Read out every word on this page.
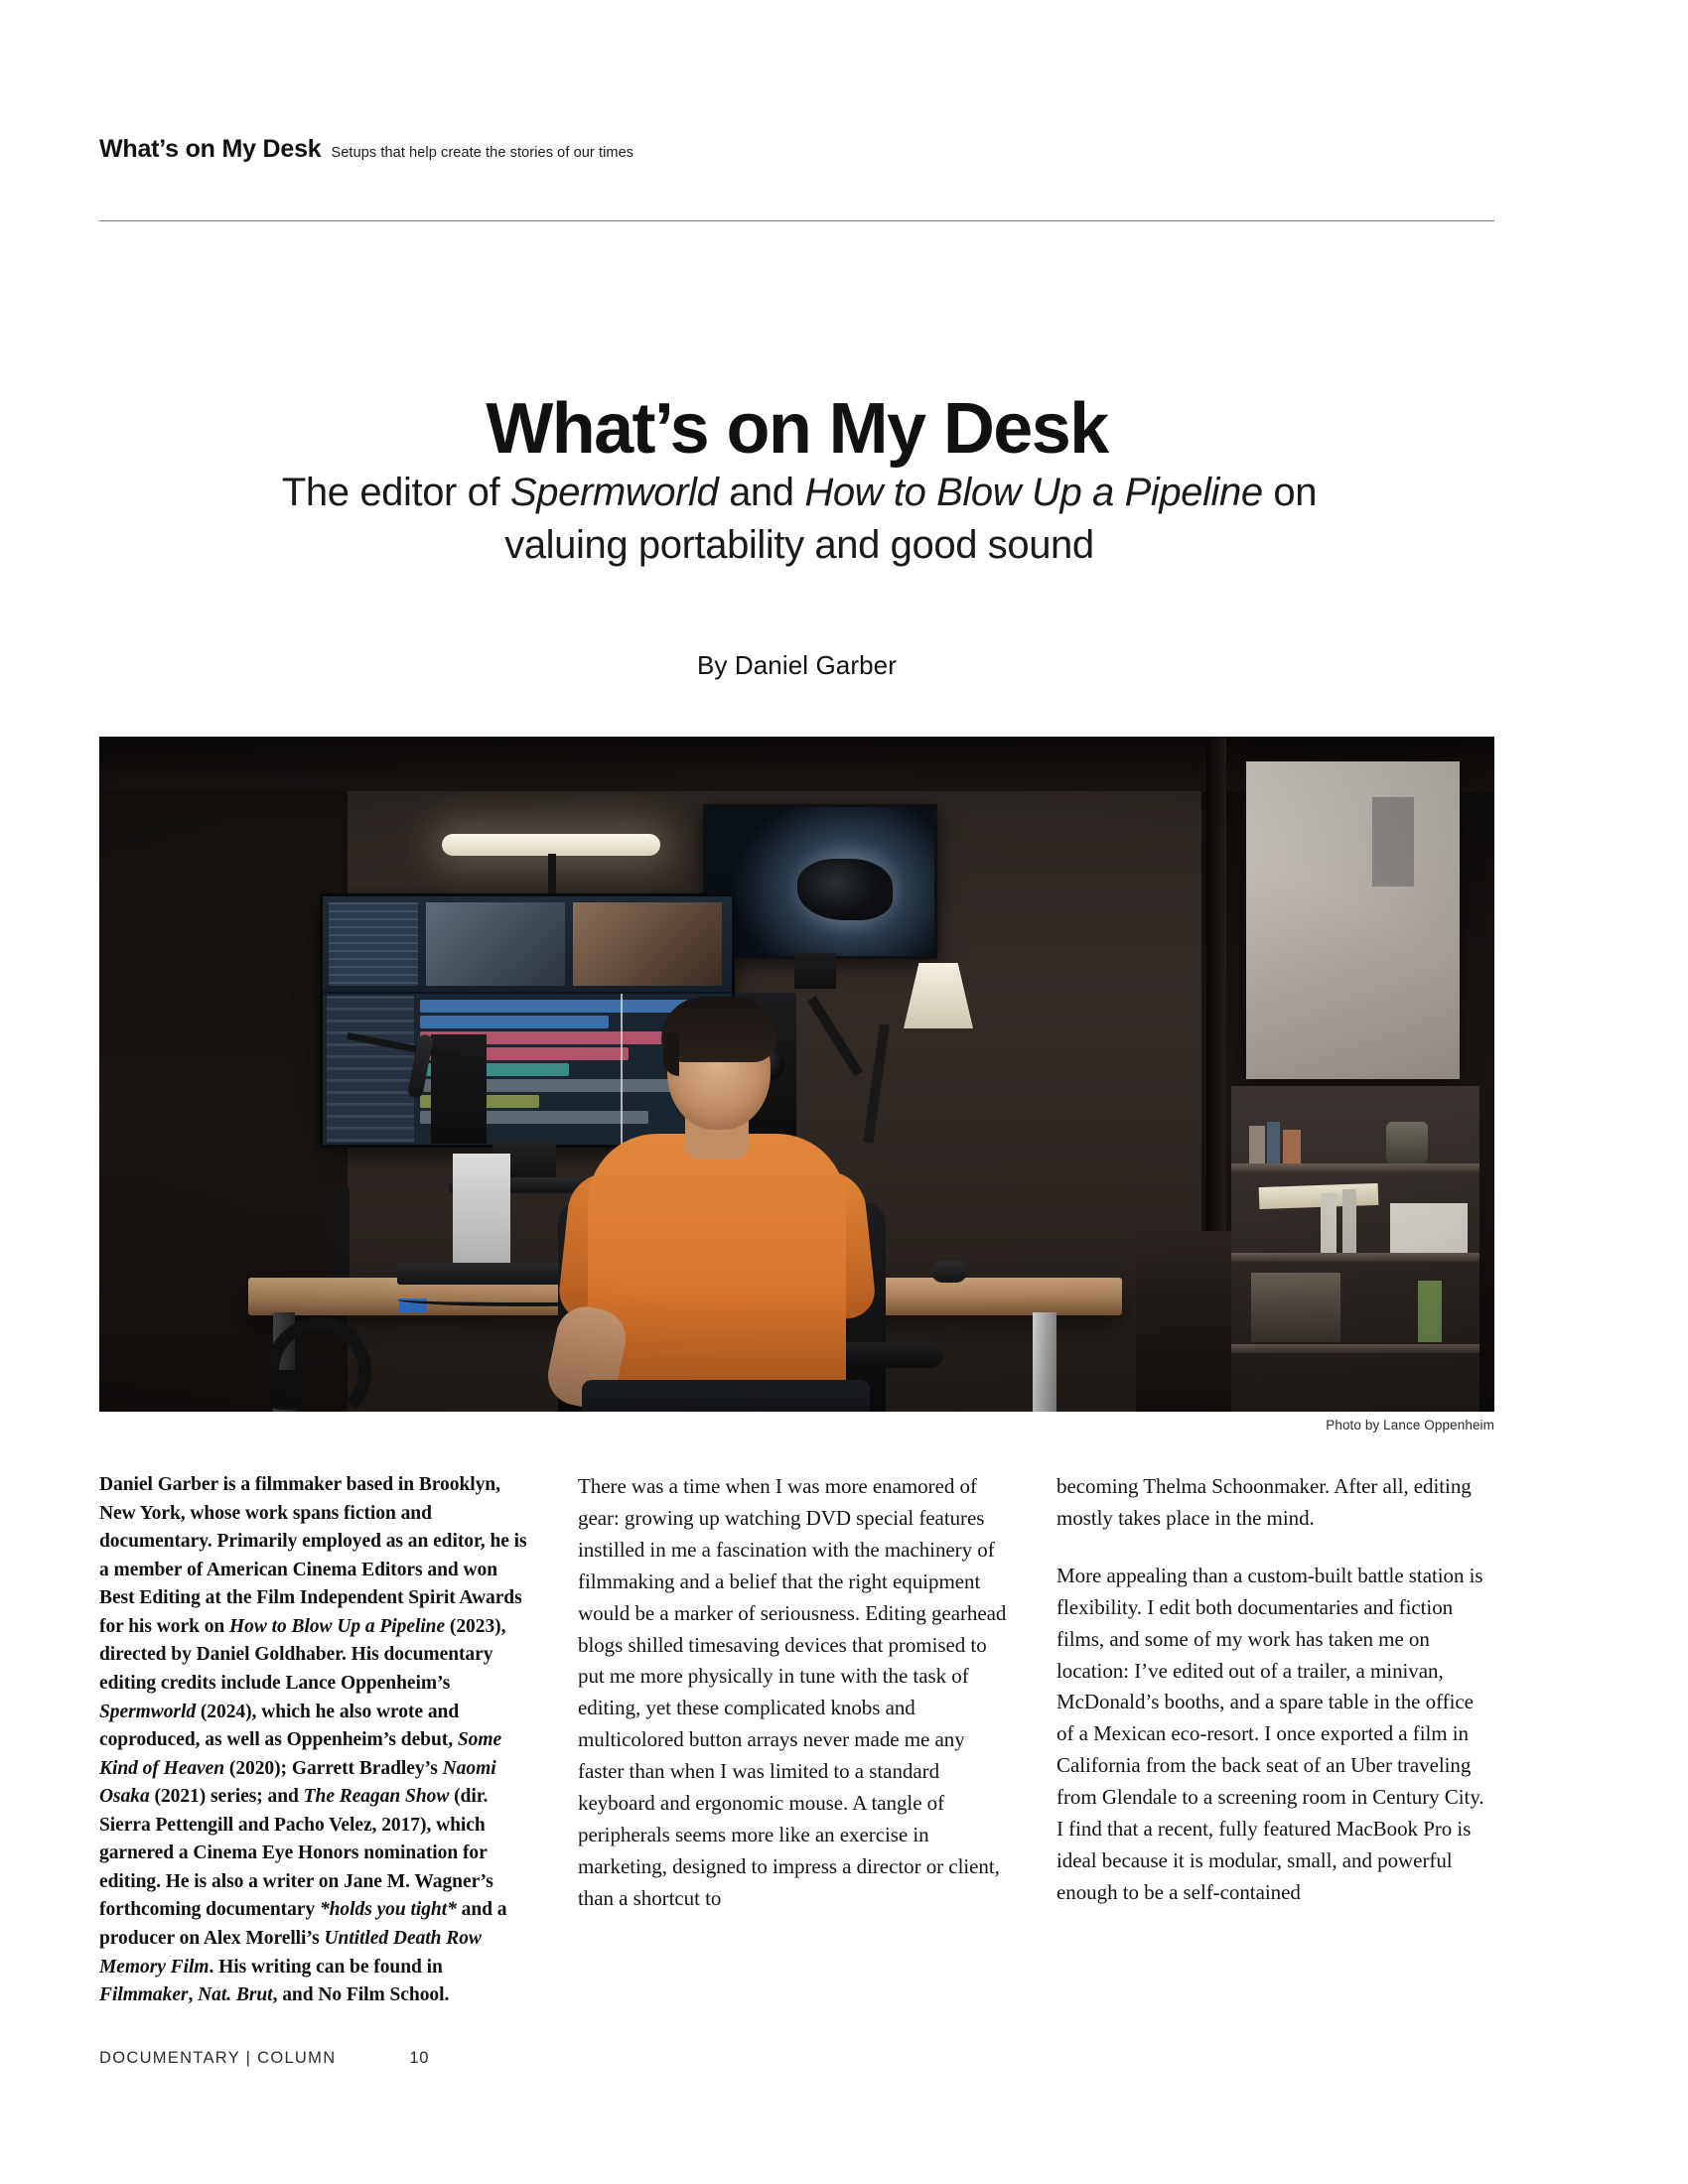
What’s on My Desk Setups that help create the stories of our times
What’s on My Desk
The editor of Spermworld and How to Blow Up a Pipeline on valuing portability and good sound
By Daniel Garber
Photo by Lance Oppenheim

Daniel Garber is a filmmaker based in Brooklyn, New York, whose work spans fiction and documentary. Primarily employed as an editor, he is a member of American Cinema Editors and won Best Editing at the Film Independent Spirit Awards for his work on How to Blow Up a Pipeline (2023), directed by Daniel Goldhaber. His documentary editing credits include Lance Oppenheim’s Spermworld (2024), which he also wrote and coproduced, as well as Oppenheim’s debut, Some Kind of Heaven (2020); Garrett Bradley’s Naomi Osaka (2021) series; and The Reagan Show (dir. Sierra Pettengill and Pacho Velez, 2017), which garnered a Cinema Eye Honors nomination for editing. He is also a writer on Jane M. Wagner’s forthcoming documentary *holds you tight* and a producer on Alex Morelli’s Untitled Death Row Memory Film. His writing can be found in Filmmaker, Nat. Brut, and No Film School.

There was a time when I was more enamored of gear: growing up watching DVD special features instilled in me a fascination with the machinery of filmmaking and a belief that the right equipment would be a marker of seriousness. Editing gearhead blogs shilled timesaving devices that promised to put me more physically in tune with the task of editing, yet these complicated knobs and multicolored button arrays never made me any faster than when I was limited to a standard keyboard and ergonomic mouse. A tangle of peripherals seems more like an exercise in marketing, designed to impress a director or client, than a shortcut to

becoming Thelma Schoonmaker. After all, editing mostly takes place in the mind.

More appealing than a custom-built battle station is flexibility. I edit both documentaries and fiction films, and some of my work has taken me on location: I’ve edited out of a trailer, a minivan, McDonald’s booths, and a spare table in the office of a Mexican eco-resort. I once exported a film in California from the back seat of an Uber traveling from Glendale to a screening room in Century City. I find that a recent, fully featured MacBook Pro is ideal because it is modular, small, and powerful enough to be a self-contained

DOCUMENTARY | COLUMN	10
